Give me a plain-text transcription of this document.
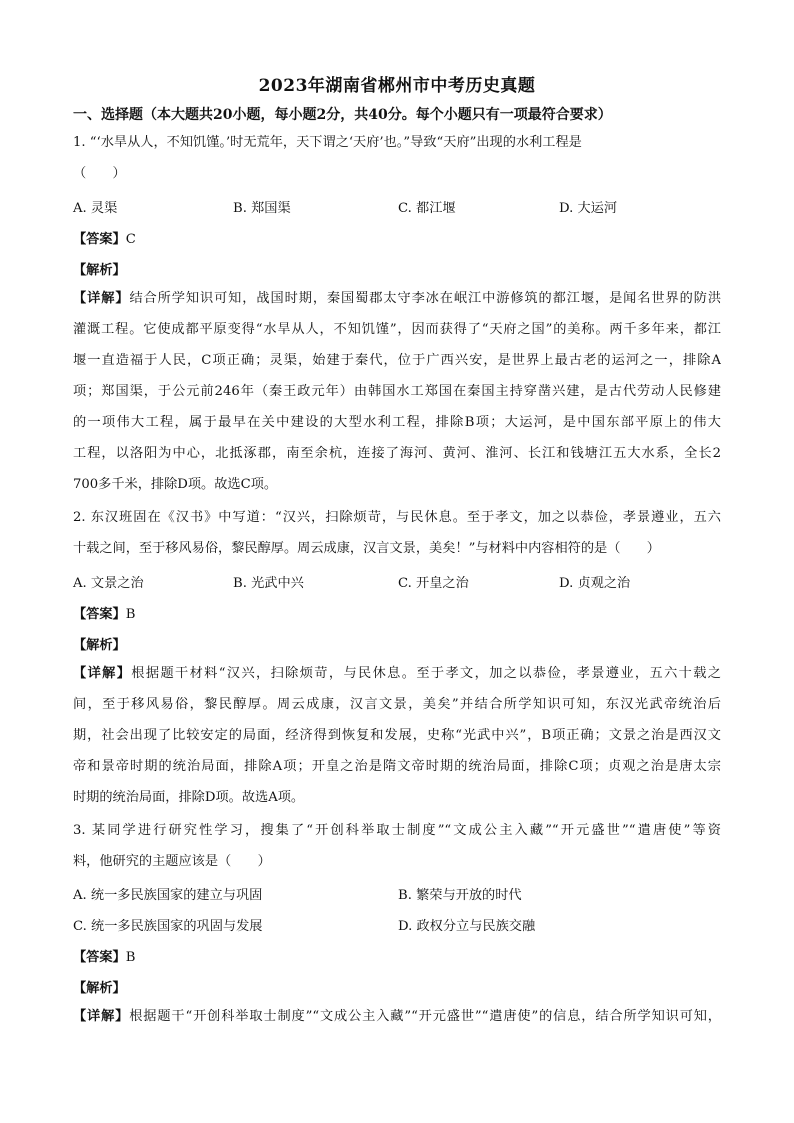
2023年湖南省郴州市中考历史真题
一、选择题（本大题共20小题，每小题2分，共40分。每个小题只有一项最符合要求）
1. “‘水旱从人，不知饥馑。’时无荒年，天下谓之‘天府’也。”导致“天府”出现的水利工程是
（　　）
A. 灵渠	B. 郑国渠	C. 都江堰	D. 大运河
【答案】C
【解析】
【详解】结合所学知识可知，战国时期，秦国蜀郡太守李冰在岷江中游修筑的都江堰，是闻名世界的防洪
灌溉工程。它使成都平原变得“水旱从人，不知饥馑”，因而获得了“天府之国”的美称。两千多年来，都江
堰一直造福于人民，C项正确；灵渠，始建于秦代，位于广西兴安，是世界上最古老的运河之一，排除A
项；郑国渠，于公元前246年（秦王政元年）由韩国水工郑国在秦国主持穿凿兴建，是古代劳动人民修建
的一项伟大工程，属于最早在关中建设的大型水利工程，排除B项；大运河，是中国东部平原上的伟大
工程，以洛阳为中心，北抵涿郡，南至余杭，连接了海河、黄河、淮河、长江和钱塘江五大水系，全长2
700多千米，排除D项。故选C项。
2. 东汉班固在《汉书》中写道：“汉兴，扫除烦苛，与民休息。至于孝文，加之以恭俭，孝景遵业，五六
十载之间，至于移风易俗，黎民醇厚。周云成康，汉言文景，美矣！”与材料中内容相符的是（　　）
A. 文景之治	B. 光武中兴	C. 开皇之治	D. 贞观之治
【答案】B
【解析】
【详解】根据题干材料“汉兴，扫除烦苛，与民休息。至于孝文，加之以恭俭，孝景遵业，五六十载之
间，至于移风易俗，黎民醇厚。周云成康，汉言文景，美矣”并结合所学知识可知，东汉光武帝统治后
期，社会出现了比较安定的局面，经济得到恢复和发展，史称“光武中兴”，B项正确；文景之治是西汉文
帝和景帝时期的统治局面，排除A项；开皇之治是隋文帝时期的统治局面，排除C项；贞观之治是唐太宗
时期的统治局面，排除D项。故选A项。
3. 某同学进行研究性学习，搜集了“开创科举取士制度”“文成公主入藏”“开元盛世”“遣唐使”等资
料，他研究的主题应该是（　　）
A. 统一多民族国家的建立与巩固	B. 繁荣与开放的时代
C. 统一多民族国家的巩固与发展	D. 政权分立与民族交融
【答案】B
【解析】
【详解】根据题干“开创科举取士制度”“文成公主入藏”“开元盛世”“遣唐使”的信息，结合所学知识可知，
